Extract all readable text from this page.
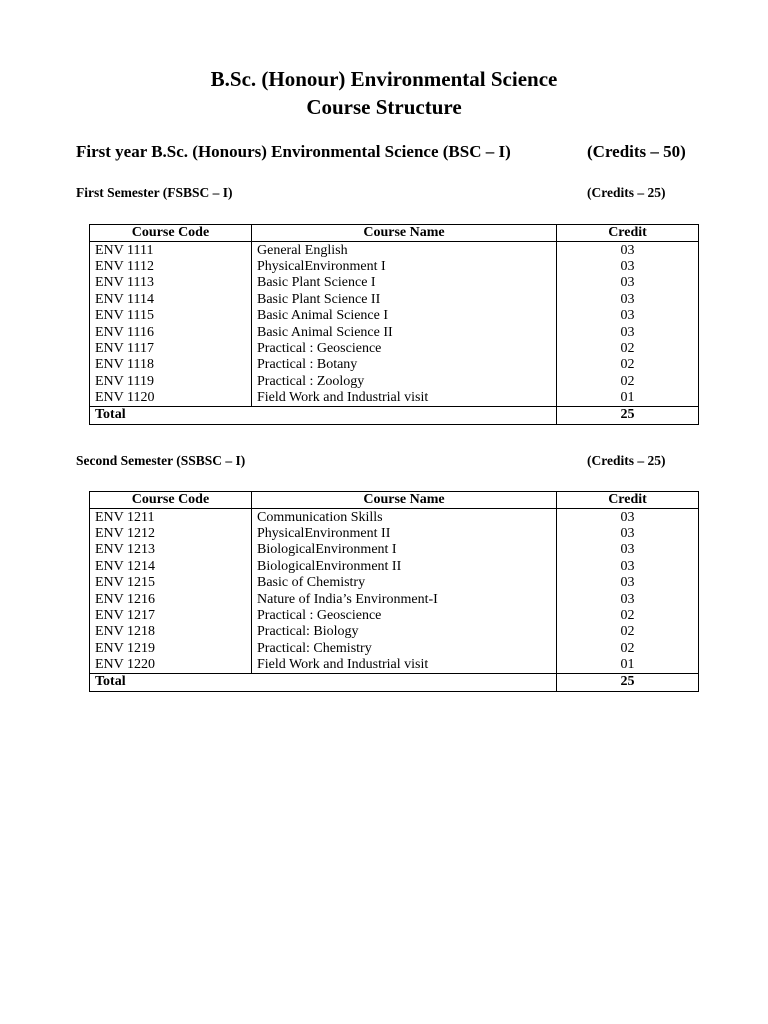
B.Sc. (Honour) Environmental Science
Course Structure
First year B.Sc. (Honours) Environmental Science (BSC – I)	(Credits – 50)
First Semester (FSBSC – I)	(Credits – 25)
Course Code	Course Name	Credit
ENV 1111	General English	03
ENV 1112	PhysicalEnvironment I	03
ENV 1113	Basic Plant Science I	03
ENV 1114	Basic Plant Science II	03
ENV 1115	Basic Animal Science I	03
ENV 1116	Basic Animal Science II	03
ENV 1117	Practical : Geoscience	02
ENV 1118	Practical : Botany	02
ENV 1119	Practical : Zoology	02
ENV 1120	Field Work and Industrial visit	01
Total		25
Second Semester (SSBSC – I)	(Credits – 25)
Course Code	Course Name	Credit
ENV 1211	Communication Skills	03
ENV 1212	PhysicalEnvironment II	03
ENV 1213	BiologicalEnvironment I	03
ENV 1214	BiologicalEnvironment II	03
ENV 1215	Basic of Chemistry	03
ENV 1216	Nature of India’s Environment-I	03
ENV 1217	Practical : Geoscience	02
ENV 1218	Practical: Biology	02
ENV 1219	Practical: Chemistry	02
ENV 1220	Field Work and Industrial visit	01
Total		25
